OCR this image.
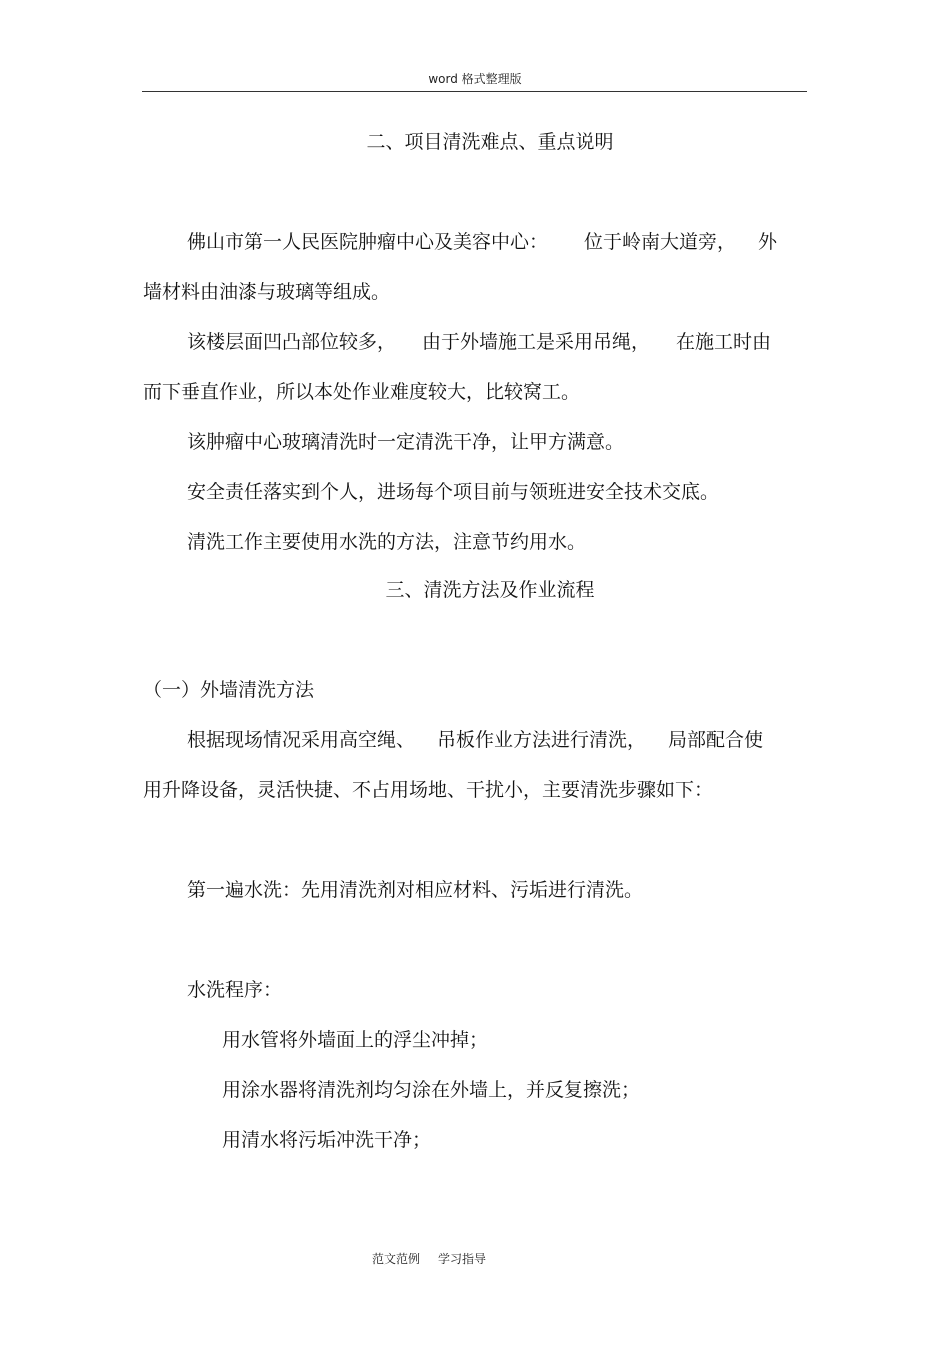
word 格式整理版
二、项目清洗难点、重点说明
佛山市第一人民医院肿瘤中心及美容中心： 位于岭南大道旁， 外
墙材料由油漆与玻璃等组成。
该楼层面凹凸部位较多， 由于外墙施工是采用吊绳， 在施工时由
而下垂直作业，所以本处作业难度较大，比较窝工。
该肿瘤中心玻璃清洗时一定清洗干净，让甲方满意。
安全责任落实到个人，进场每个项目前与领班进安全技术交底。
清洗工作主要使用水洗的方法，注意节约用水。
三、清洗方法及作业流程
（一）外墙清洗方法
根据现场情况采用高空绳、 吊板作业方法进行清洗， 局部配合使
用升降设备，灵活快捷、不占用场地、干扰小，主要清洗步骤如下：
第一遍水洗：先用清洗剂对相应材料、污垢进行清洗。
水洗程序：
用水管将外墙面上的浮尘冲掉；
用涂水器将清洗剂均匀涂在外墙上，并反复擦洗；
用清水将污垢冲洗干净；
范文范例 学习指导
